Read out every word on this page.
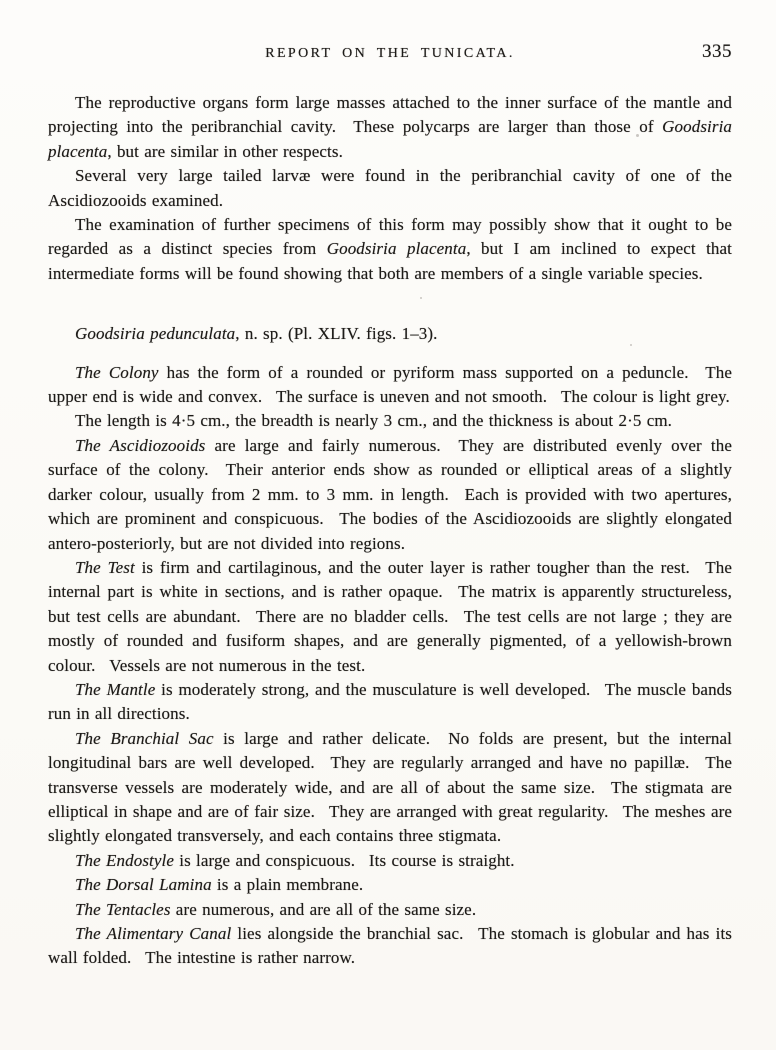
REPORT ON THE TUNICATA.	335

The reproductive organs form large masses attached to the inner surface of the mantle and projecting into the peribranchial cavity.  These polycarps are larger than those of Goodsiria placenta, but are similar in other respects.

Several very large tailed larvæ were found in the peribranchial cavity of one of the Ascidiozooids examined.

The examination of further specimens of this form may possibly show that it ought to be regarded as a distinct species from Goodsiria placenta, but I am inclined to expect that intermediate forms will be found showing that both are members of a single variable species.

Goodsiria pedunculata, n. sp. (Pl. XLIV. figs. 1–3).

The Colony has the form of a rounded or pyriform mass supported on a peduncle.  The upper end is wide and convex.  The surface is uneven and not smooth.  The colour is light grey.

The length is 4·5 cm., the breadth is nearly 3 cm., and the thickness is about 2·5 cm.

The Ascidiozooids are large and fairly numerous.  They are distributed evenly over the surface of the colony.  Their anterior ends show as rounded or elliptical areas of a slightly darker colour, usually from 2 mm. to 3 mm. in length.  Each is provided with two apertures, which are prominent and conspicuous.  The bodies of the Ascidiozooids are slightly elongated antero-posteriorly, but are not divided into regions.

The Test is firm and cartilaginous, and the outer layer is rather tougher than the rest.  The internal part is white in sections, and is rather opaque.  The matrix is apparently structureless, but test cells are abundant.  There are no bladder cells.  The test cells are not large ; they are mostly of rounded and fusiform shapes, and are generally pigmented, of a yellowish-brown colour.  Vessels are not numerous in the test.

The Mantle is moderately strong, and the musculature is well developed.  The muscle bands run in all directions.

The Branchial Sac is large and rather delicate.  No folds are present, but the internal longitudinal bars are well developed.  They are regularly arranged and have no papillæ.  The transverse vessels are moderately wide, and are all of about the same size.  The stigmata are elliptical in shape and are of fair size.  They are arranged with great regularity.  The meshes are slightly elongated transversely, and each contains three stigmata.

The Endostyle is large and conspicuous.  Its course is straight.

The Dorsal Lamina is a plain membrane.

The Tentacles are numerous, and are all of the same size.

The Alimentary Canal lies alongside the branchial sac.  The stomach is globular and has its wall folded.  The intestine is rather narrow.
